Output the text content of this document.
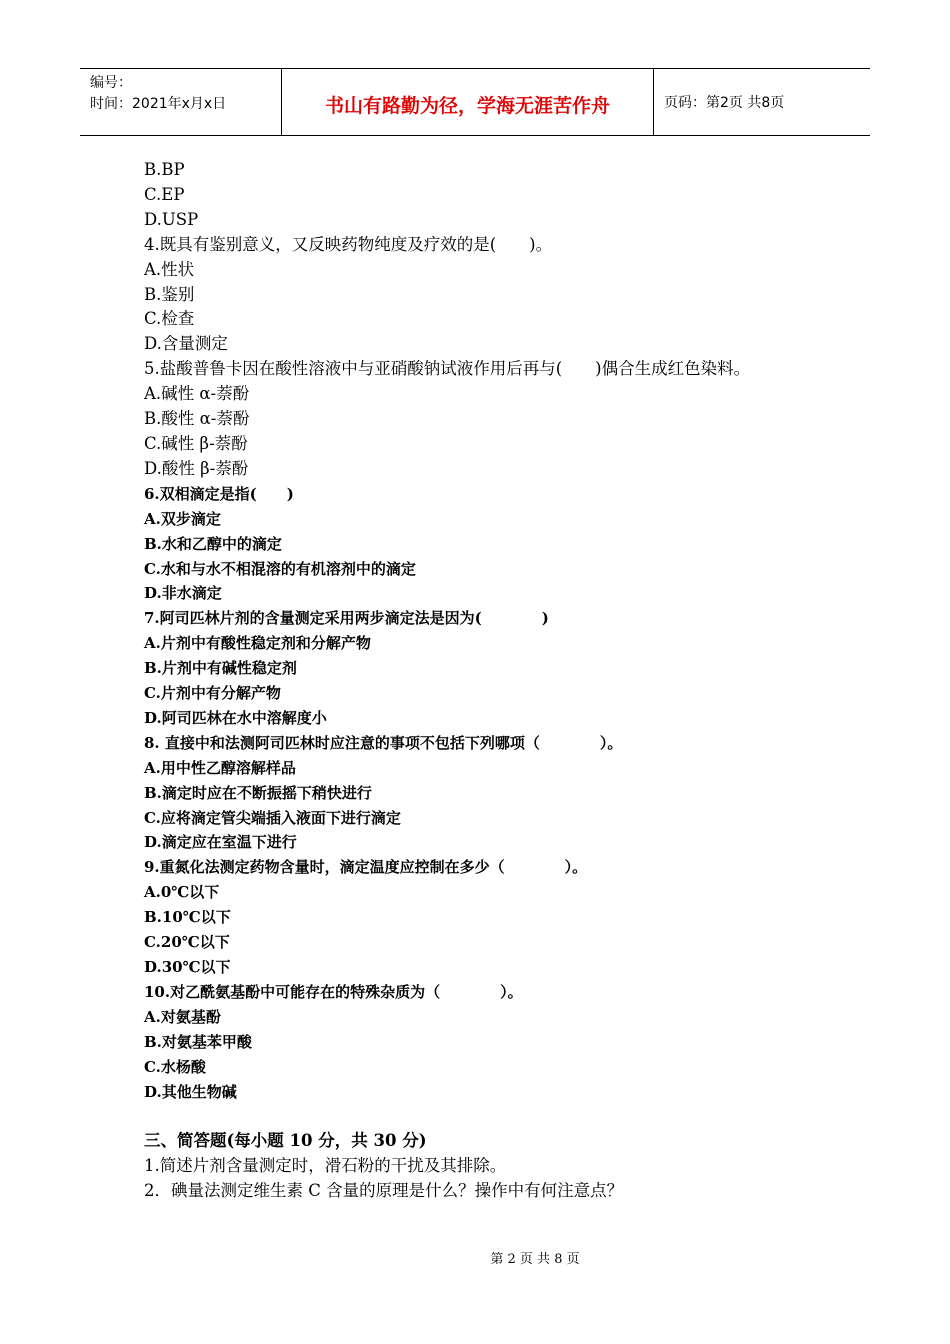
编号：
时间：2021年x月x日	书山有路勤为径，学海无涯苦作舟	页码：第2页 共8页
B.BP
C.EP
D.USP
4.既具有鉴别意义，又反映药物纯度及疗效的是(　　)。
A.性状
B.鉴别
C.检查
D.含量测定
5.盐酸普鲁卡因在酸性溶液中与亚硝酸钠试液作用后再与(　　)偶合生成红色染料。
A.碱性 α-萘酚
B.酸性 α-萘酚
C.碱性 β-萘酚
D.酸性 β-萘酚
6.双相滴定是指(　　)
A.双步滴定
B.水和乙醇中的滴定
C.水和与水不相混溶的有机溶剂中的滴定
D.非水滴定
7.阿司匹林片剂的含量测定采用两步滴定法是因为(　　　　)
A.片剂中有酸性稳定剂和分解产物
B.片剂中有碱性稳定剂
C.片剂中有分解产物
D.阿司匹林在水中溶解度小
8. 直接中和法测阿司匹林时应注意的事项不包括下列哪项（　　　　）。
A.用中性乙醇溶解样品
B.滴定时应在不断振摇下稍快进行
C.应将滴定管尖端插入液面下进行滴定
D.滴定应在室温下进行
9.重氮化法测定药物含量时，滴定温度应控制在多少（　　　　）。
A.0℃以下
B.10℃以下
C.20℃以下
D.30℃以下
10.对乙酰氨基酚中可能存在的特殊杂质为（　　　　）。
A.对氨基酚
B.对氨基苯甲酸
C.水杨酸
D.其他生物碱
三、简答题(每小题 10 分，共 30 分)
1.简述片剂含量测定时，滑石粉的干扰及其排除。
2．碘量法测定维生素 C 含量的原理是什么？操作中有何注意点？
第 2 页 共 8 页
